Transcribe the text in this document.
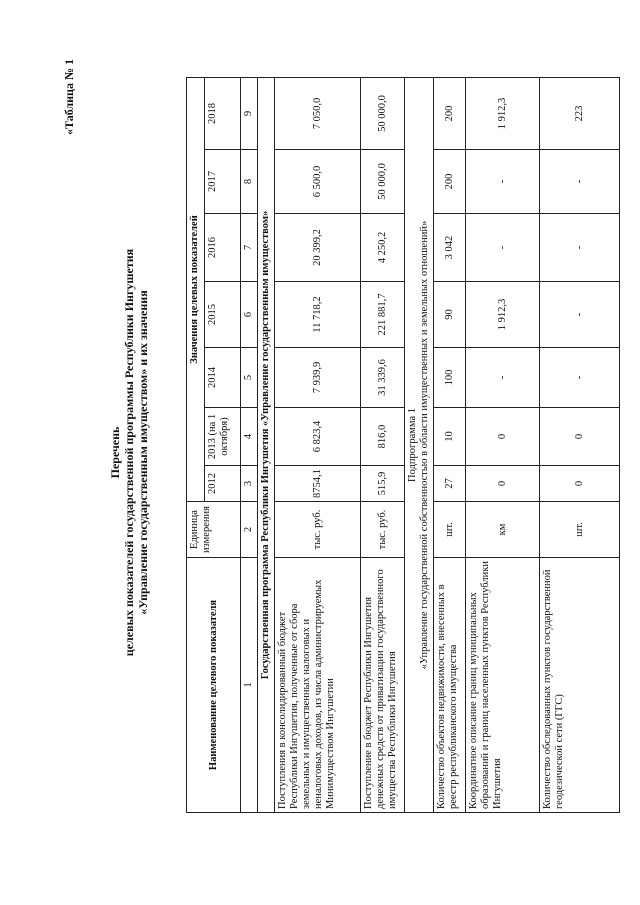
«Таблица № 1
Перечень целевых показателей государственной программы Республики Ингушетия «Управление государственным имуществом» и их значения
Наименование целевого показателя	Единица измерения	Значения целевых показателей						
		2012	2013 (на 1 октября)	2014	2015	2016	2017	2018
1	2	3	4	5	6	7	8	9
Государственная программа Республики Ингушетия «Управление государственным имуществом»								
Поступления в консолидированный бюджет Республики Ингушетия, полученные от сбора земельных и имущественных налоговых и неналоговых доходов, из числа администрируемых Минимуществом Ингушетии	тыс. руб.	8754,1	6 823,4	7 939,9	11 718,2	20 399,2	6 500,0	7 050,0
Поступление в бюджет Республики Ингушетия денежных средств от приватизации государственного имущества Республики Ингушетия	тыс. руб.	515,9	816,0	31 339,6	221 881,7	4 250,2	50 000,0	50 000,0

Подпрограмма 1 «Управление государственной собственностью в области имущественных и земельных отношений»								

Количество объектов недвижимости, внесенных в реестр республиканского имущества	шт.	27	10	100	90	3 042	200	200
Координатное описание границ муниципальных образований и границ населенных пунктов Республики Ингушетия	км	0	0	-	1 912,3	-	-	1 912,3
Количество обследованных пунктов государственной геодезической сети (ГГС)	шт.	0	0	-	-	-	-	223
